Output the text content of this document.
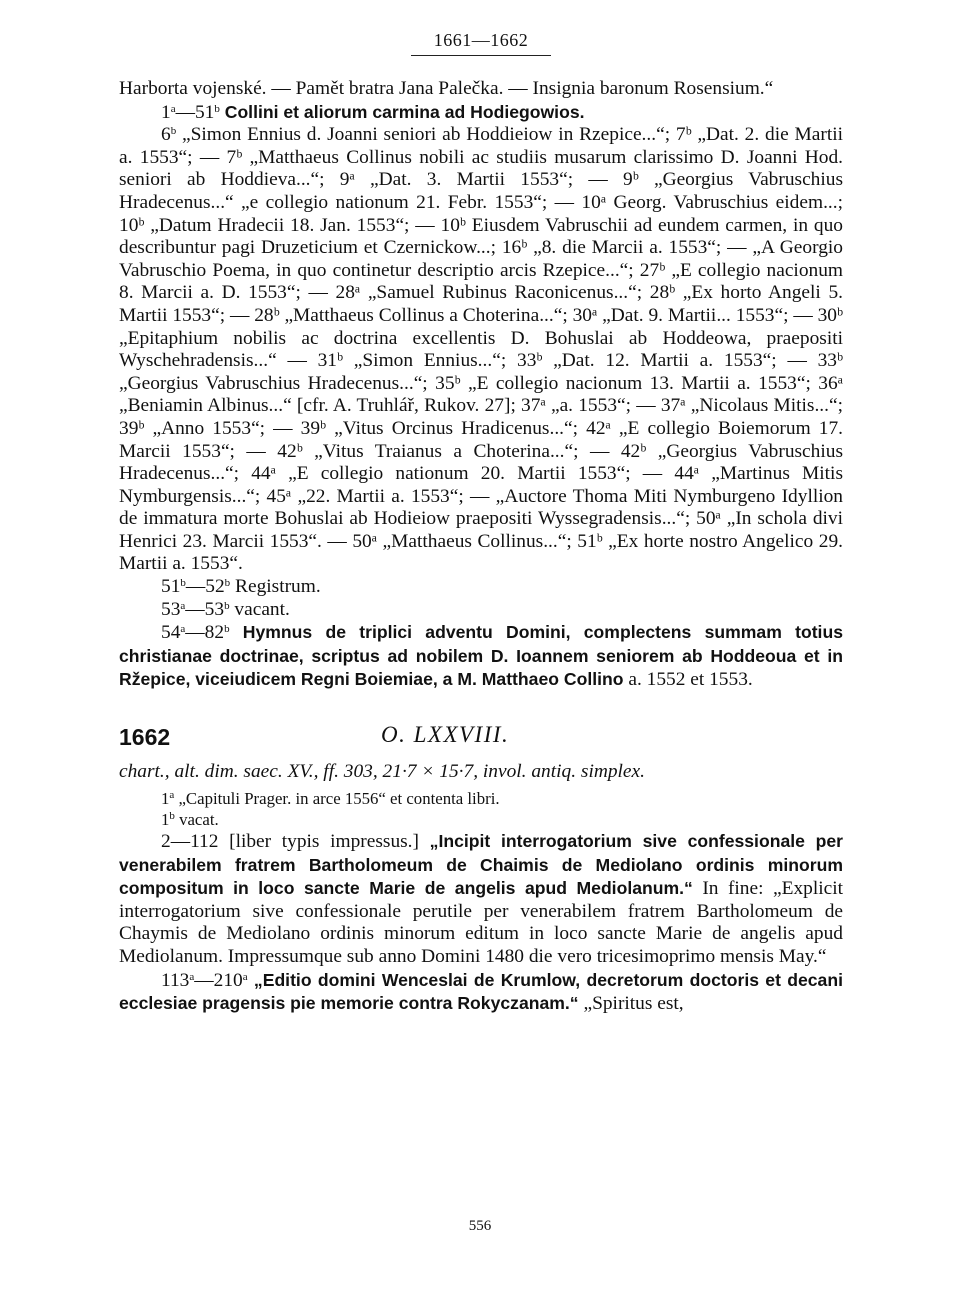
1661—1662

Harborta vojenské. — Pamět bratra Jana Palečka. — Insignia baronum Rosensium.“

1$^a$—51$^b$ Collini et aliorum carmina ad Hodiegowios.

6$^b$ „Simon Ennius d. Joanni seniori ab Hoddieiow in Rzepice...“; 7ᵇ „Dat. 2. die Martii a. 1553“; — 7ᵇ „Matthaeus Collinus nobili ac studiis musarum clarissimo D. Joanni Hod. seniori ab Hoddieva...“; 9ᵃ „Dat. 3. Martii 1553“; — 9ᵇ „Georgius Vabruschius Hradecenus...“ „e collegio nationum 21. Febr. 1553“; — 10ᵃ Georg. Vabruschius eidem...; 10ᵇ „Datum Hradecii 18. Jan. 1553“; — 10ᵇ Eiusdem Vabruschii ad eundem carmen, in quo describuntur pagi Druzeticium et Czernickow...; 16ᵇ „8. die Marcii a. 1553“; — „A Georgio Vabruschio Poema, in quo continetur descriptio arcis Rzepice...“; 27ᵇ „E collegio nacionum 8. Marcii a. D. 1553“; — 28ᵃ „Samuel Rubinus Raconicenus...“; 28ᵇ „Ex horto Angeli 5. Martii 1553“; — 28ᵇ „Matthaeus Collinus a Choterina...“; 30ᵃ „Dat. 9. Martii... 1553“; — 30ᵇ „Epitaphium nobilis ac doctrina excellentis D. Bohuslai ab Hoddeowa, praepositi Wyschehradensis...“ — 31ᵇ „Simon Ennius...“; 33ᵇ „Dat. 12. Martii a. 1553“; — 33ᵇ „Georgius Vabruschius Hradecenus...“; 35ᵇ „E collegio nacionum 13. Martii a. 1553“; 36ᵃ „Beniamin Albinus...“ [cfr. A. Truhlář, Rukov. 27]; 37ᵃ „a. 1553“; — 37ᵃ „Nicolaus Mitis...“; 39ᵇ „Anno 1553“; — 39ᵇ „Vitus Orcinus Hradicenus...“; 42ᵃ „E collegio Boiemorum 17. Marcii 1553“; — 42ᵇ „Vitus Traianus a Choterina...“; — 42ᵇ „Georgius Vabruschius Hradecenus...“; 44ᵃ „E collegio nationum 20. Martii 1553“; — 44ᵃ „Martinus Mitis Nymburgensis...“; 45ᵃ „22. Martii a. 1553“; — „Auctore Thoma Miti Nymburgeno Idyllion de immatura morte Bohuslai ab Hodieiow praepositi Wyssegradensis...“; 50ᵃ „In schola divi Henrici 23. Marcii 1553“. — 50ᵃ „Matthaeus Collinus...“; 51ᵇ „Ex horte nostro Angelico 29. Martii a. 1553“.

51$^b$—52$^b$ Registrum.

53$^a$—53$^b$ vacant.

54$^a$—82$^b$ Hymnus de triplici adventu Domini, complectens summam totius christianae doctrinae, scriptus ad nobilem D. Ioannem seniorem ab Hoddeoua et in Ržepice, viceiudicem Regni Boiemiae, a M. Matthaeo Collino a. 1552 et 1553.

1662	O. LXXVIII.
chart., alt. dim. saec. XV., ff. 303, 21·7 × 15·7, invol. antiq. simplex.

1$^a$ „Capituli Prager. in arce 1556“ et contenta libri.

1$^b$ vacat.

2—112 [liber typis impressus.] „Incipit interrogatorium sive confessionale per venerabilem fratrem Bartholomeum de Chaimis de Mediolano ordinis minorum compositum in loco sancte Marie de angelis apud Mediolanum.“ In fine: „Explicit interrogatorium sive confessionale perutile per venerabilem fratrem Bartholomeum de Chaymis de Mediolano ordinis minorum editum in loco sancte Marie de angelis apud Mediolanum. Impressumque sub anno Domini 1480 die vero tricesimoprimo mensis May.“

113$^a$—210$^a$ „Editio domini Wenceslai de Krumlow, decretorum doctoris et decani ecclesiae pragensis pie memorie contra Rokyczanam.“ „Spiritus est,

556
